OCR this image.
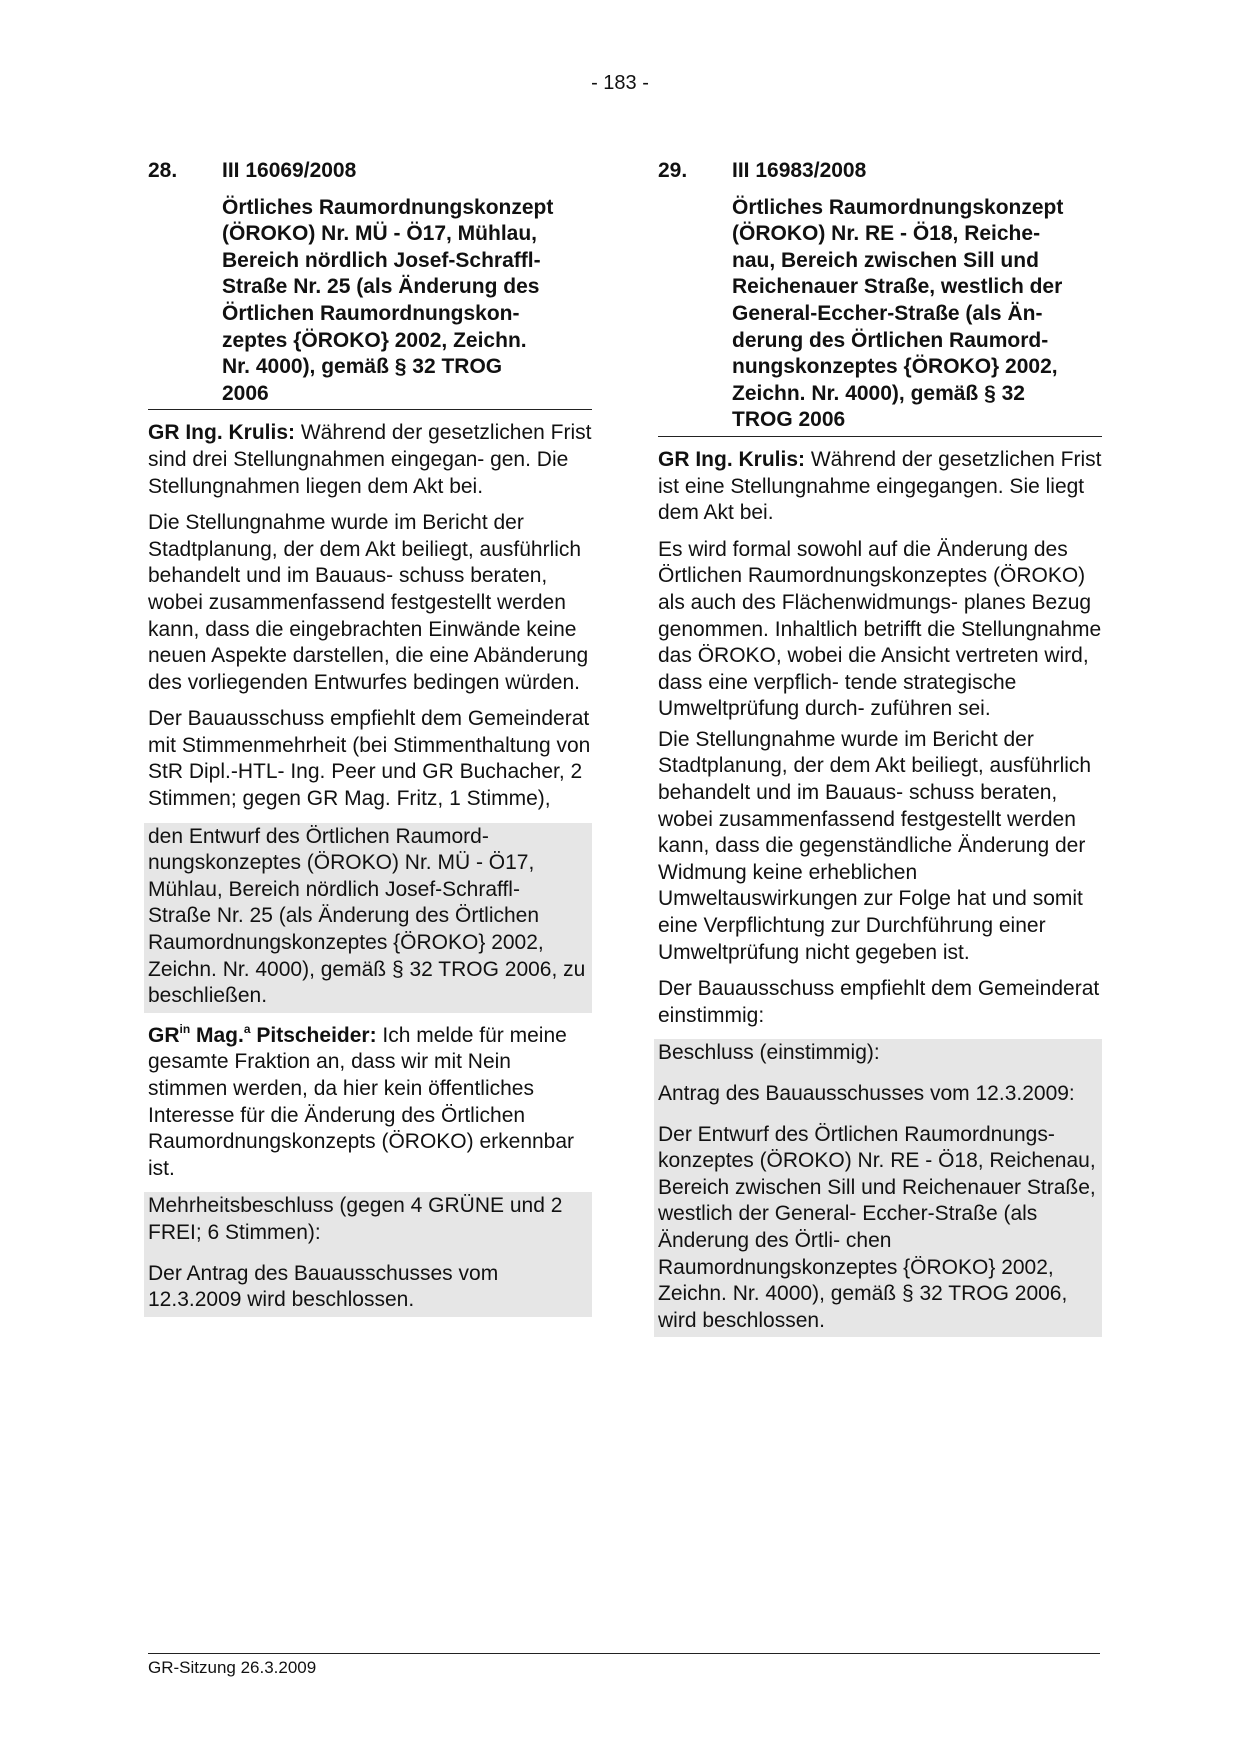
- 183 -
28.	III 16069/2008
Örtliches Raumordnungskonzept
(ÖROKO) Nr. MÜ - Ö17, Mühlau,
Bereich nördlich Josef-Schraffl-
Straße Nr. 25 (als Änderung des
Örtlichen Raumordnungskon-
zeptes {ÖROKO} 2002, Zeichn.
Nr. 4000), gemäß § 32 TROG
2006

GR Ing. Krulis: Während der gesetzlichen Frist sind drei Stellungnahmen eingegan- gen. Die Stellungnahmen liegen dem Akt bei.

Die Stellungnahme wurde im Bericht der Stadtplanung, der dem Akt beiliegt, ausführlich behandelt und im Bauaus- schuss beraten, wobei zusammenfassend festgestellt werden kann, dass die eingebrachten Einwände keine neuen Aspekte darstellen, die eine Abänderung des vorliegenden Entwurfes bedingen würden.

Der Bauausschuss empfiehlt dem Gemeinderat mit Stimmenmehrheit (bei Stimmenthaltung von StR Dipl.-HTL- Ing. Peer und GR Buchacher, 2 Stimmen; gegen GR Mag. Fritz, 1 Stimme),

den Entwurf des Örtlichen Raumord- nungskonzeptes (ÖROKO) Nr. MÜ - Ö17, Mühlau, Bereich nördlich Josef-Schraffl- Straße Nr. 25 (als Änderung des Örtlichen Raumordnungskonzeptes {ÖROKO} 2002, Zeichn. Nr. 4000), gemäß § 32 TROG 2006, zu beschließen.

$GR^{in}$ Mag.$^a$ Pitscheider: Ich melde für meine gesamte Fraktion an, dass wir mit Nein stimmen werden, da hier kein öffentliches Interesse für die Änderung des Örtlichen Raumordnungskonzepts (ÖROKO) erkennbar ist.

Mehrheitsbeschluss (gegen 4 GRÜNE und 2 FREI; 6 Stimmen):
Der Antrag des Bauausschusses vom 12.3.2009 wird beschlossen.
29.	III 16983/2008
Örtliches Raumordnungskonzept
(ÖROKO) Nr. RE - Ö18, Reiche-
nau, Bereich zwischen Sill und
Reichenauer Straße, westlich der
General-Eccher-Straße (als Än-
derung des Örtlichen Raumord-
nungskonzeptes {ÖROKO} 2002,
Zeichn. Nr. 4000), gemäß § 32
TROG 2006

GR Ing. Krulis: Während der gesetzlichen Frist ist eine Stellungnahme eingegangen. Sie liegt dem Akt bei.

Es wird formal sowohl auf die Änderung des Örtlichen Raumordnungskonzeptes (ÖROKO) als auch des Flächenwidmungs- planes Bezug genommen. Inhaltlich betrifft die Stellungnahme das ÖROKO, wobei die Ansicht vertreten wird, dass eine verpflich- tende strategische Umweltprüfung durch- zuführen sei.

Die Stellungnahme wurde im Bericht der Stadtplanung, der dem Akt beiliegt, ausführlich behandelt und im Bauaus- schuss beraten, wobei zusammenfassend festgestellt werden kann, dass die gegenständliche Änderung der Widmung keine erheblichen Umweltauswirkungen zur Folge hat und somit eine Verpflichtung zur Durchführung einer Umweltprüfung nicht gegeben ist.

Der Bauausschuss empfiehlt dem Gemeinderat einstimmig:

Beschluss (einstimmig):
Antrag des Bauausschusses vom 12.3.2009:
Der Entwurf des Örtlichen Raumordnungs- konzeptes (ÖROKO) Nr. RE - Ö18, Reichenau, Bereich zwischen Sill und Reichenauer Straße, westlich der General- Eccher-Straße (als Änderung des Örtli- chen Raumordnungskonzeptes {ÖROKO} 2002, Zeichn. Nr. 4000), gemäß § 32 TROG 2006, wird beschlossen.
GR-Sitzung 26.3.2009
